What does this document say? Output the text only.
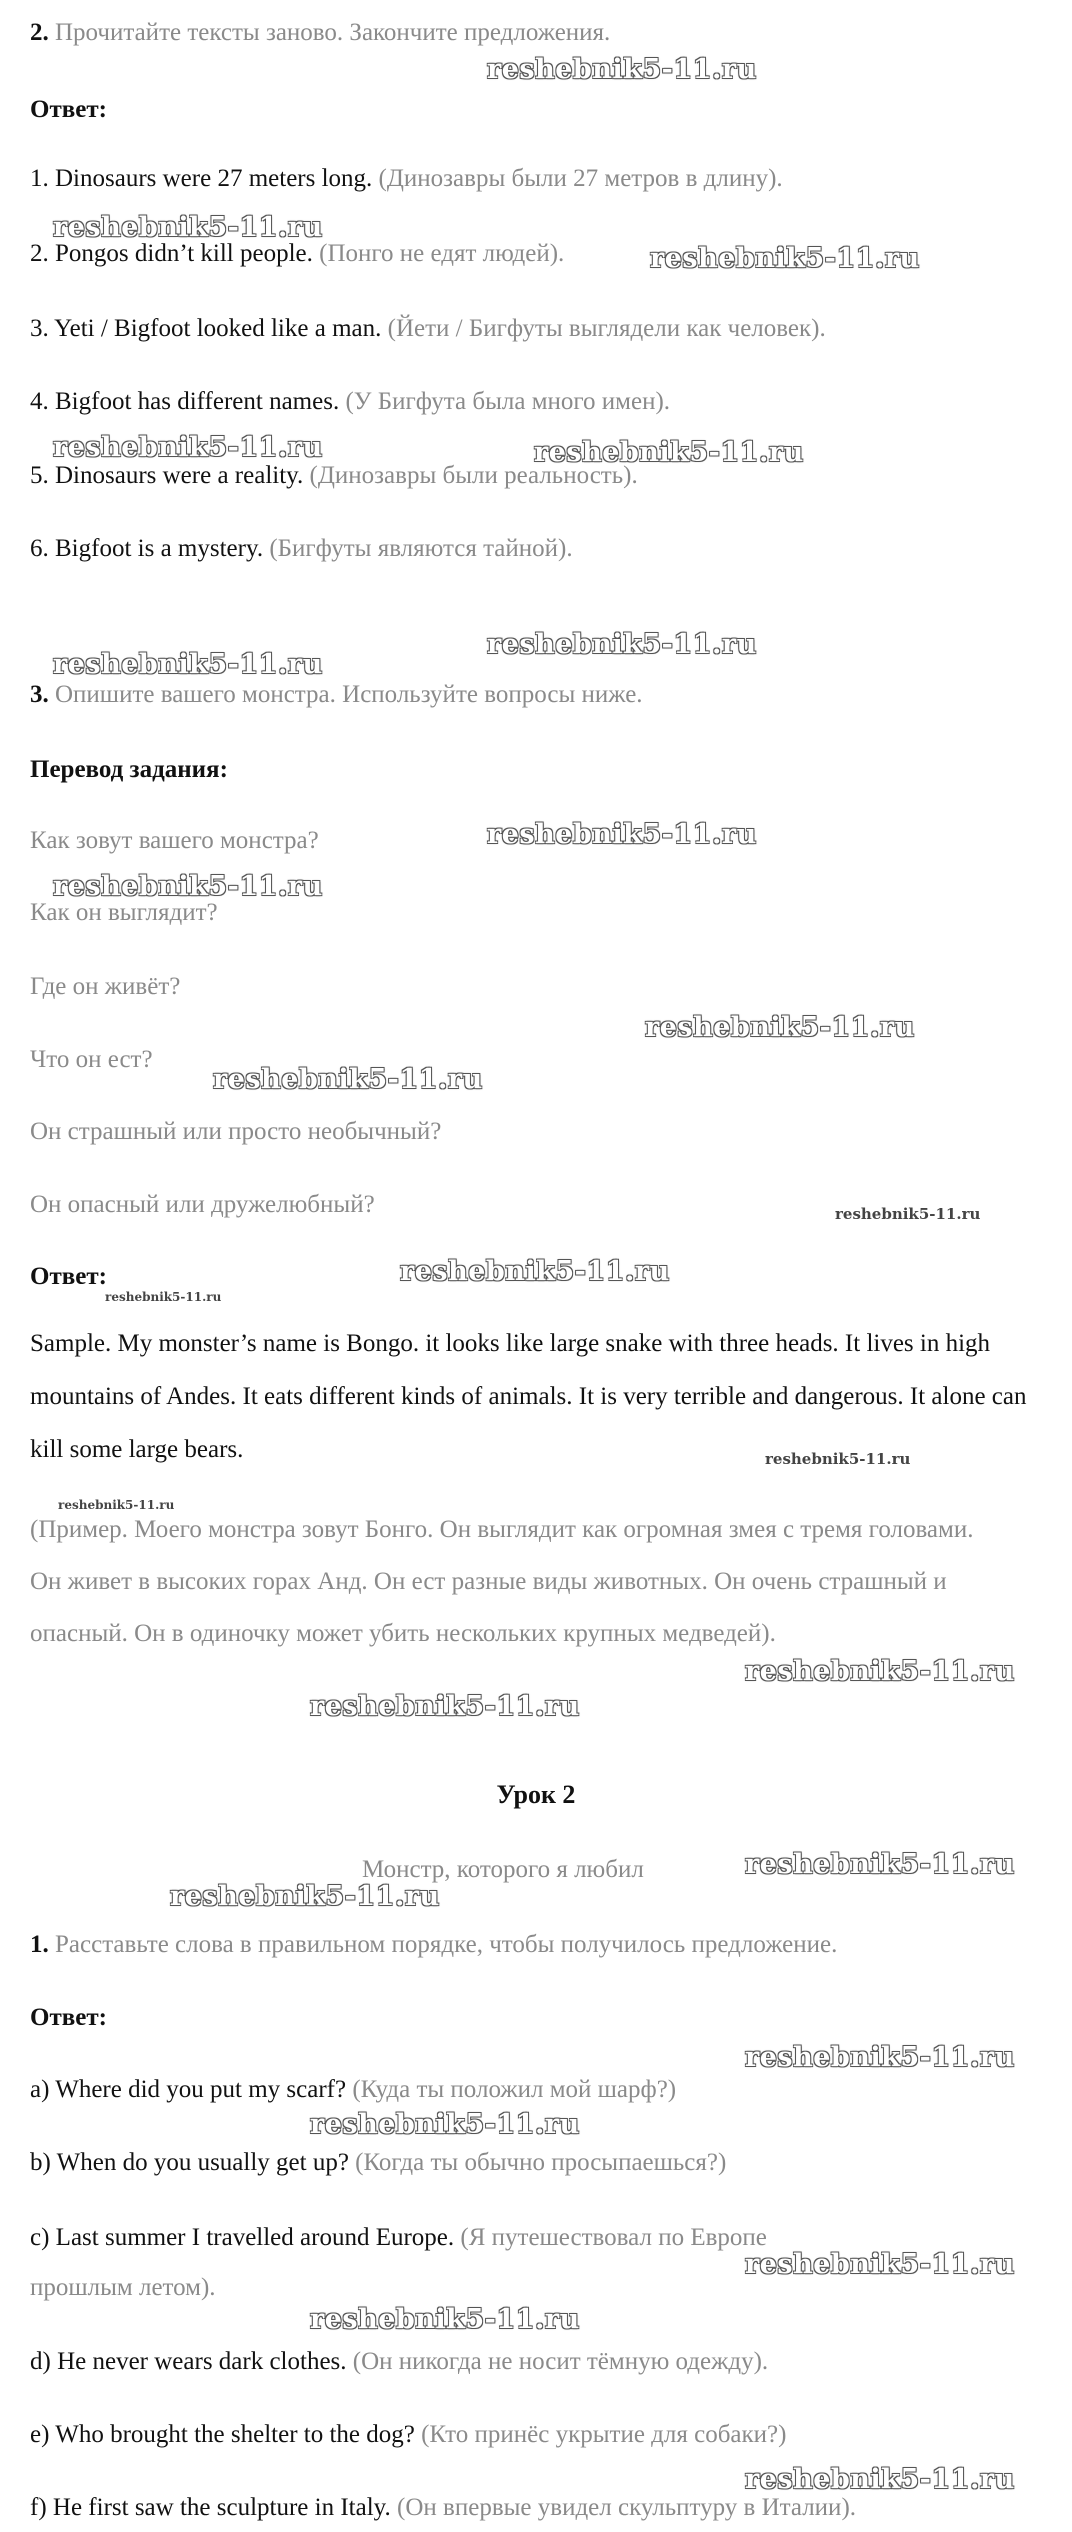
2. Прочитайте тексты заново. Закончите предложения.
Ответ:
1. Dinosaurs were 27 meters long. (Динозавры были 27 метров в длину).
2. Pongos didn’t kill people. (Понго не едят людей).
3. Yeti / Bigfoot looked like a man. (Йети / Бигфуты выглядели как человек).
4. Bigfoot has different names. (У Бигфута была много имен).
5. Dinosaurs were a reality. (Динозавры были реальность).
6. Bigfoot is a mystery. (Бигфуты являются тайной).
3. Опишите вашего монстра. Используйте вопросы ниже.
Перевод задания:
Как зовут вашего монстра?
Как он выглядит?
Где он живёт?
Что он ест?
Он страшный или просто необычный?
Он опасный или дружелюбный?
Ответ:
Sample. My monster’s name is Bongo. it looks like large snake with three heads. It lives in high mountains of Andes. It eats different kinds of animals. It is very terrible and dangerous. It alone can kill some large bears.
(Пример. Моего монстра зовут Бонго. Он выглядит как огромная змея с тремя головами. Он живет в высоких горах Анд. Он ест разные виды животных. Он очень страшный и опасный. Он в одиночку может убить нескольких крупных медведей).
Урок 2
Монстр, которого я любил
1. Расставьте слова в правильном порядке, чтобы получилось предложение.
Ответ:
a) Where did you put my scarf? (Куда ты положил мой шарф?)
b) When do you usually get up? (Когда ты обычно просыпаешься?)
c) Last summer I travelled around Europe. (Я путешествовал по Европе
прошлым летом).
d) He never wears dark clothes. (Он никогда не носит тёмную одежду).
e) Who brought the shelter to the dog? (Кто принёс укрытие для собаки?)
f) He first saw the sculpture in Italy. (Он впервые увидел скульптуру в Италии).
reshebnik5-11.ru
reshebnik5-11.ru
reshebnik5-11.ru
reshebnik5-11.ru	reshebnik5-11.ru
reshebnik5-11.ru
reshebnik5-11.ru
reshebnik5-11.ru
reshebnik5-11.ru
reshebnik5-11.ru
reshebnik5-11.ru
reshebnik5-11.ru
reshebnik5-11.ru
reshebnik5-11.ru
reshebnik5-11.ru
reshebnik5-11.ru
reshebnik5-11.ru
reshebnik5-11.ru
reshebnik5-11.ru
reshebnik5-11.ru
reshebnik5-11.ru
reshebnik5-11.ru
reshebnik5-11.ru
reshebnik5-11.ru
reshebnik5-11.ru
